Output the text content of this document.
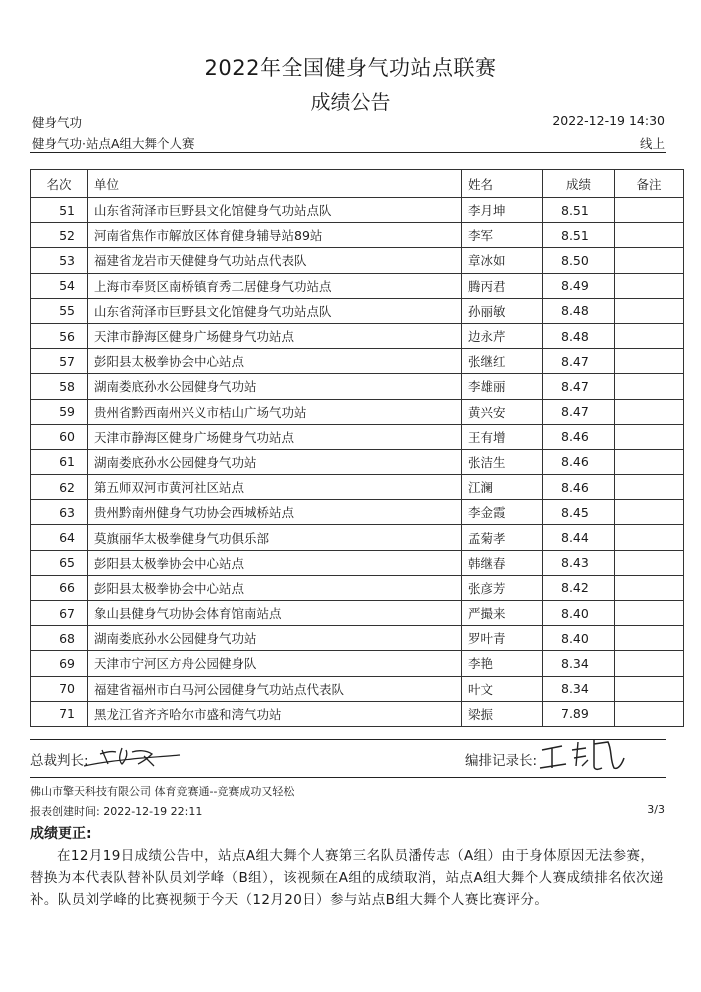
2022年全国健身气功站点联赛
成绩公告
健身气功	2022-12-19 14:30
健身气功·站点A组大舞个人赛	线上
名次	单位	姓名	成绩	备注
51	山东省菏泽市巨野县文化馆健身气功站点队	李月坤	8.51	
52	河南省焦作市解放区体育健身辅导站89站	李军	8.51	
53	福建省龙岩市天健健身气功站点代表队	章冰如	8.50	
54	上海市奉贤区南桥镇育秀二居健身气功站点	腾丙君	8.49	
55	山东省菏泽市巨野县文化馆健身气功站点队	孙丽敏	8.48	
56	天津市静海区健身广场健身气功站点	边永芹	8.48	
57	彭阳县太极拳协会中心站点	张继红	8.47	
58	湖南娄底孙水公园健身气功站	李雄丽	8.47	
59	贵州省黔西南州兴义市桔山广场气功站	黄兴安	8.47	
60	天津市静海区健身广场健身气功站点	王有增	8.46	
61	湖南娄底孙水公园健身气功站	张洁生	8.46	
62	第五师双河市黄河社区站点	江澜	8.46	
63	贵州黔南州健身气功协会西城桥站点	李金霞	8.45	
64	莫旗丽华太极拳健身气功俱乐部	孟菊孝	8.44	
65	彭阳县太极拳协会中心站点	韩继春	8.43	
66	彭阳县太极拳协会中心站点	张彦芳	8.42	
67	象山县健身气功协会体育馆南站点	严撮来	8.40	
68	湖南娄底孙水公园健身气功站	罗叶青	8.40	
69	天津市宁河区方舟公园健身队	李艳	8.34	
70	福建省福州市白马河公园健身气功站点代表队	叶文	8.34	
71	黑龙江省齐齐哈尔市盛和湾气功站	梁振	7.89	
总裁判长:	编排记录长:
佛山市擎天科技有限公司 体育竞赛通--竞赛成功又轻松
报表创建时间: 2022-12-19 22:11	3/3
成绩更正:
在12月19日成绩公告中，站点A组大舞个人赛第三名队员潘传志（A组）由于身体原因无法参赛，替换为本代表队替补队员刘学峰（B组），该视频在A组的成绩取消，站点A组大舞个人赛成绩排名依次递补。队员刘学峰的比赛视频于今天（12月20日）参与站点B组大舞个人赛比赛评分。
